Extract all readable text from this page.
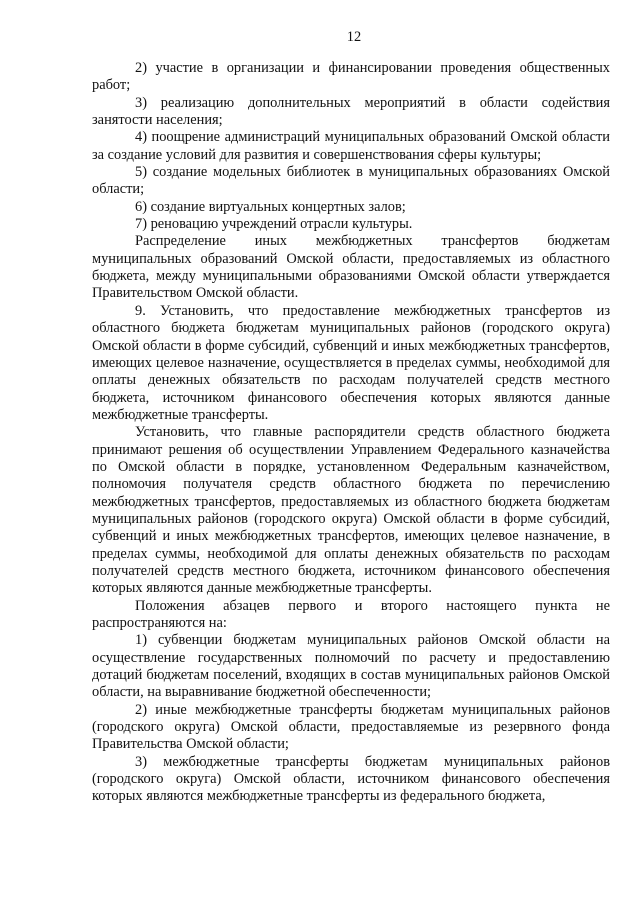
12

2) участие в организации и финансировании проведения общественных работ;

3) реализацию дополнительных мероприятий в области содействия занятости населения;

4) поощрение администраций муниципальных образований Омской области за создание условий для развития и совершенствования сферы культуры;

5) создание модельных библиотек в муниципальных образованиях Омской области;

6) создание виртуальных концертных залов;

7) реновацию учреждений отрасли культуры.

Распределение иных межбюджетных трансфертов бюджетам муниципальных образований Омской области, предоставляемых из областного бюджета, между муниципальными образованиями Омской области утверждается Правительством Омской области.

9. Установить, что предоставление межбюджетных трансфертов из областного бюджета бюджетам муниципальных районов (городского округа) Омской области в форме субсидий, субвенций и иных межбюджетных трансфертов, имеющих целевое назначение, осуществляется в пределах суммы, необходимой для оплаты денежных обязательств по расходам получателей средств местного бюджета, источником финансового обеспечения которых являются данные межбюджетные трансферты.

Установить, что главные распорядители средств областного бюджета принимают решения об осуществлении Управлением Федерального казначейства по Омской области в порядке, установленном Федеральным казначейством, полномочия получателя средств областного бюджета по перечислению межбюджетных трансфертов, предоставляемых из областного бюджета бюджетам муниципальных районов (городского округа) Омской области в форме субсидий, субвенций и иных межбюджетных трансфертов, имеющих целевое назначение, в пределах суммы, необходимой для оплаты денежных обязательств по расходам получателей средств местного бюджета, источником финансового обеспечения которых являются данные межбюджетные трансферты.

Положения абзацев первого и второго настоящего пункта не распространяются на:

1) субвенции бюджетам муниципальных районов Омской области на осуществление государственных полномочий по расчету и предоставлению дотаций бюджетам поселений, входящих в состав муниципальных районов Омской области, на выравнивание бюджетной обеспеченности;

2) иные межбюджетные трансферты бюджетам муниципальных районов (городского округа) Омской области, предоставляемые из резервного фонда Правительства Омской области;

3) межбюджетные трансферты бюджетам муниципальных районов (городского округа) Омской области, источником финансового обеспечения которых являются межбюджетные трансферты из федерального бюджета,
